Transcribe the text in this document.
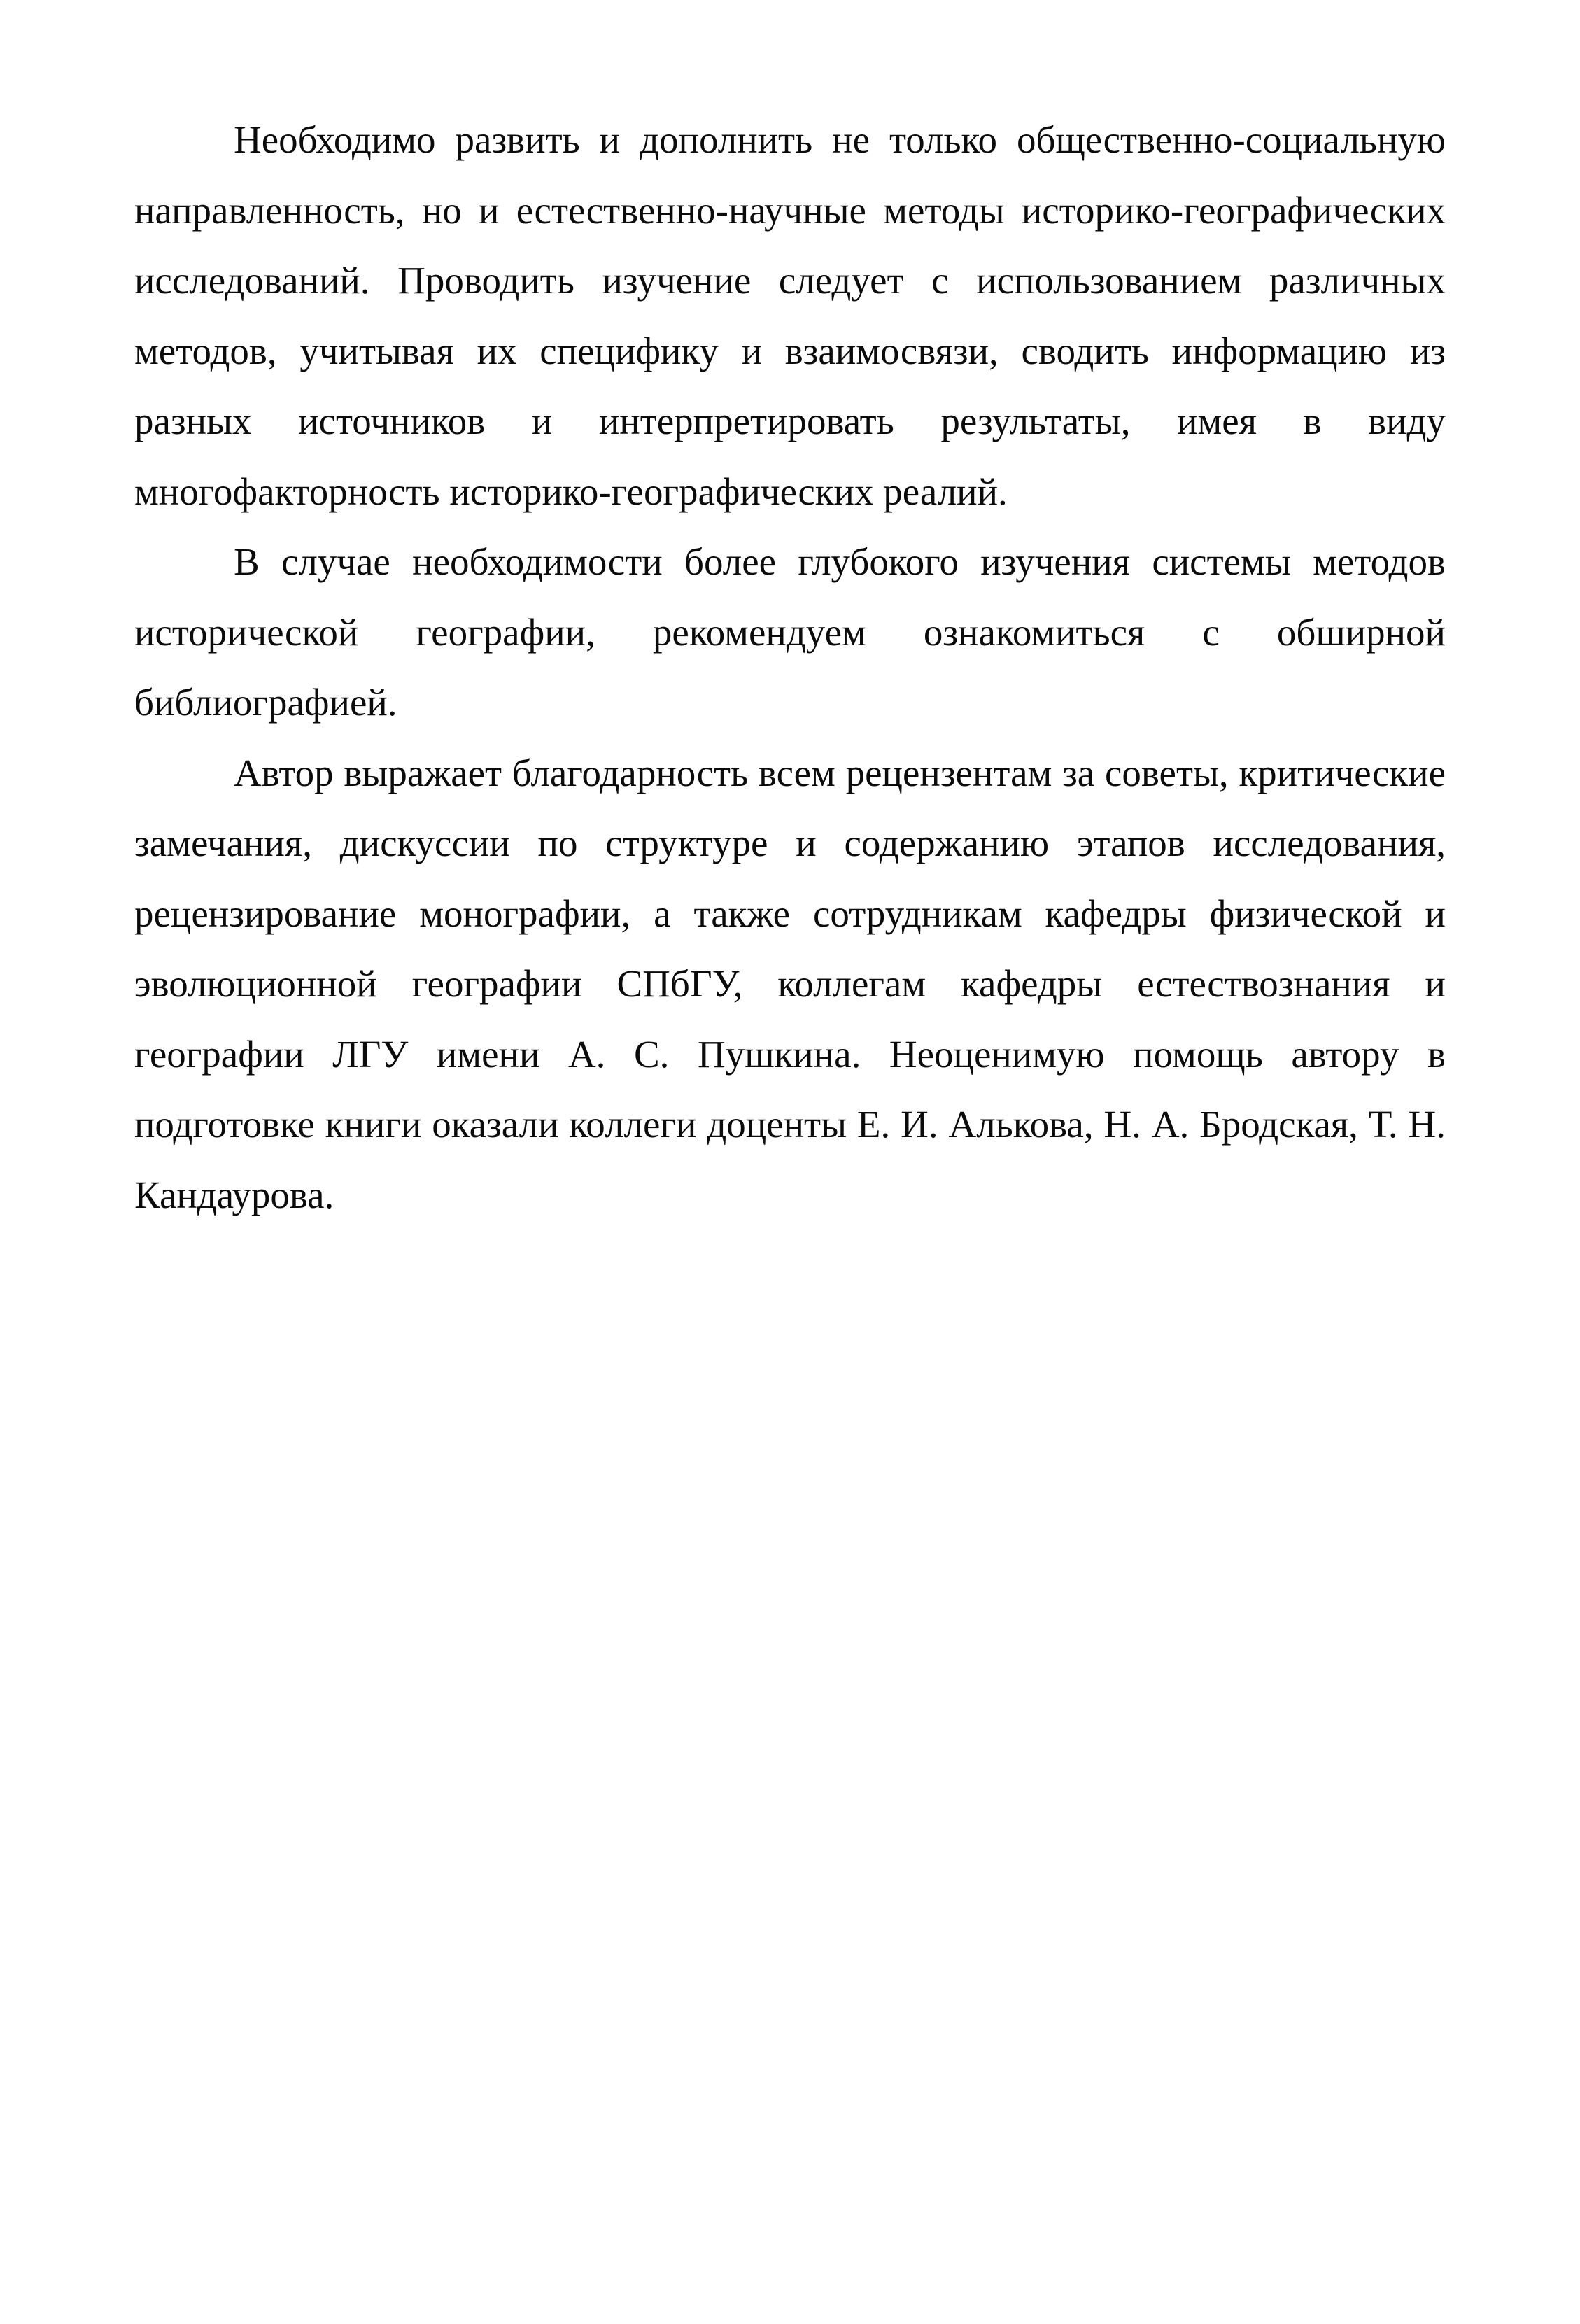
Необходимо развить и дополнить не только общественно-социальную направленность, но и естественно-научные методы историко-географических исследований. Проводить изучение следует с использованием различных методов, учитывая их специфику и взаимосвязи, сводить информацию из разных источников и интерпретировать результаты, имея в виду многофакторность историко-географических реалий.

В случае необходимости более глубокого изучения системы методов исторической географии, рекомендуем ознакомиться с обширной библиографией.

Автор выражает благодарность всем рецензентам за советы, критические замечания, дискуссии по структуре и содержанию этапов исследования, рецензирование монографии, а также сотрудникам кафедры физической и эволюционной географии СПбГУ, коллегам кафедры естествознания и географии ЛГУ имени А. С. Пушкина. Неоценимую помощь автору в подготовке книги оказали коллеги доценты Е. И. Алькова, Н. А. Бродская, Т. Н. Кандаурова.
